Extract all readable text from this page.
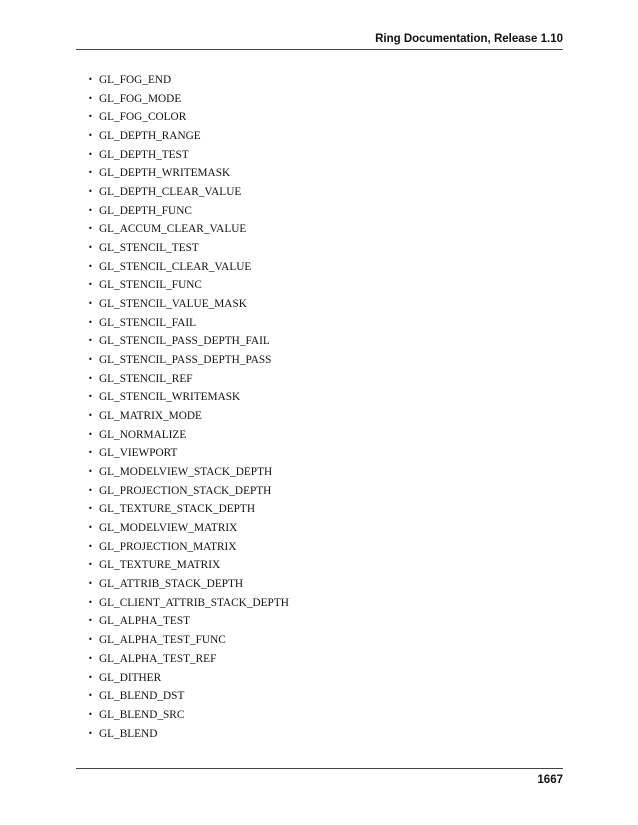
Ring Documentation, Release 1.10
• GL_FOG_END
• GL_FOG_MODE
• GL_FOG_COLOR
• GL_DEPTH_RANGE
• GL_DEPTH_TEST
• GL_DEPTH_WRITEMASK
• GL_DEPTH_CLEAR_VALUE
• GL_DEPTH_FUNC
• GL_ACCUM_CLEAR_VALUE
• GL_STENCIL_TEST
• GL_STENCIL_CLEAR_VALUE
• GL_STENCIL_FUNC
• GL_STENCIL_VALUE_MASK
• GL_STENCIL_FAIL
• GL_STENCIL_PASS_DEPTH_FAIL
• GL_STENCIL_PASS_DEPTH_PASS
• GL_STENCIL_REF
• GL_STENCIL_WRITEMASK
• GL_MATRIX_MODE
• GL_NORMALIZE
• GL_VIEWPORT
• GL_MODELVIEW_STACK_DEPTH
• GL_PROJECTION_STACK_DEPTH
• GL_TEXTURE_STACK_DEPTH
• GL_MODELVIEW_MATRIX
• GL_PROJECTION_MATRIX
• GL_TEXTURE_MATRIX
• GL_ATTRIB_STACK_DEPTH
• GL_CLIENT_ATTRIB_STACK_DEPTH
• GL_ALPHA_TEST
• GL_ALPHA_TEST_FUNC
• GL_ALPHA_TEST_REF
• GL_DITHER
• GL_BLEND_DST
• GL_BLEND_SRC
• GL_BLEND
1667
